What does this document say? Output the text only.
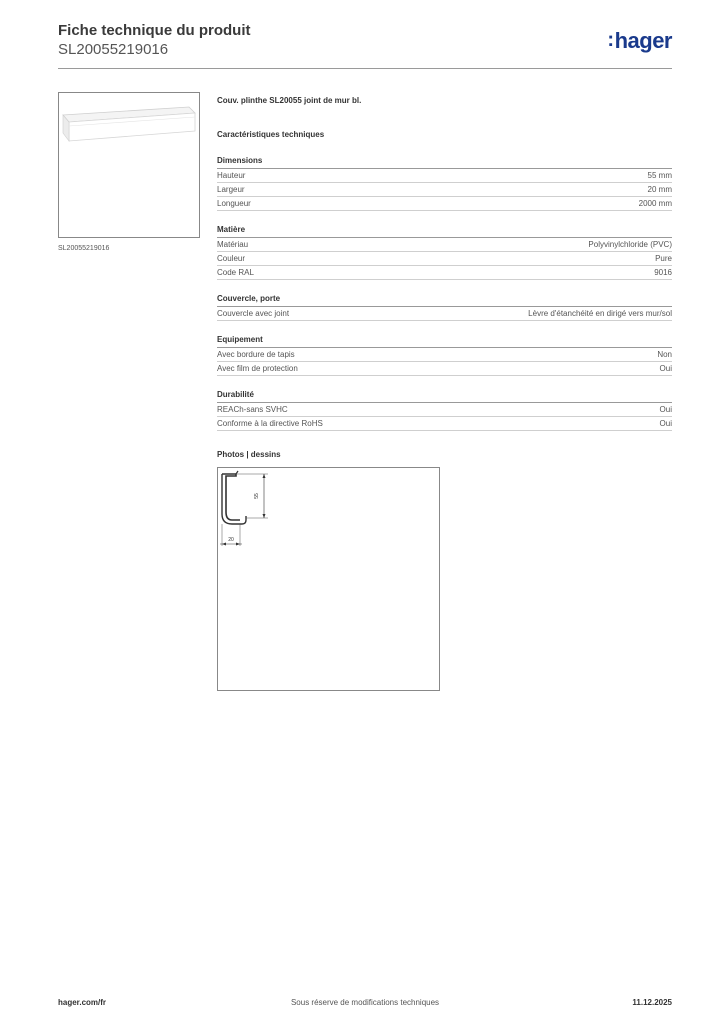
Fiche technique du produit
SL20055219016	:hager
SL20055219016
Couv. plinthe SL20055 joint de mur bl.
Caractéristiques techniques
Dimensions
Hauteur	55 mm
Largeur	20 mm
Longueur	2000 mm
Matière
Matériau	Polyvinylchloride (PVC)
Couleur	Pure
Code RAL	9016
Couvercle, porte
Couvercle avec joint	Lèvre d'étanchéité en dirigé vers mur/sol
Equipement
Avec bordure de tapis	Non
Avec film de protection	Oui
Durabilité
REACh-sans SVHC	Oui
Conforme à la directive RoHS	Oui
Photos | dessins
55
20
hager.com/fr	Sous réserve de modifications techniques	11.12.2025
